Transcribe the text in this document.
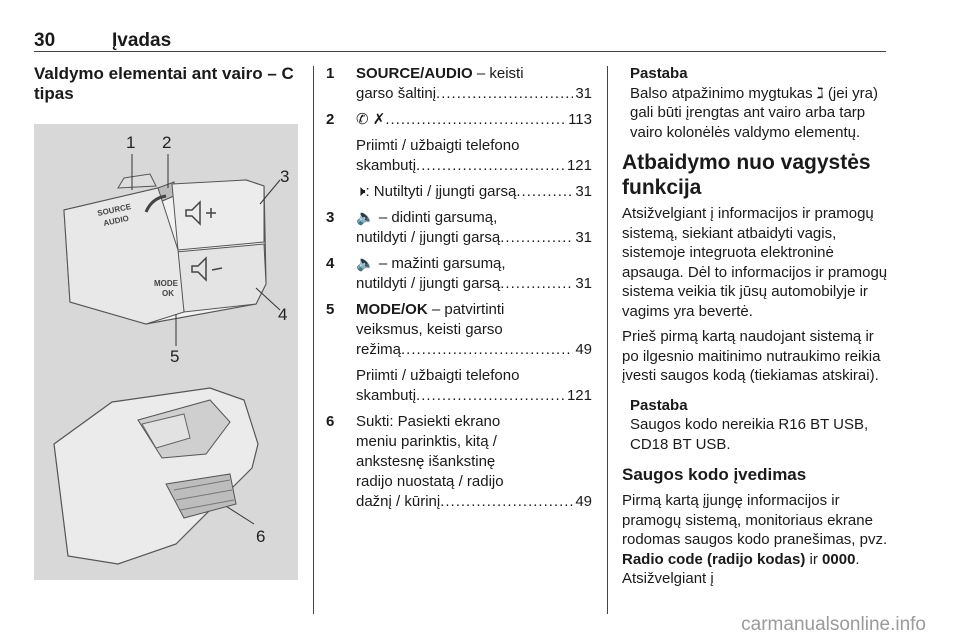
30	Įvadas
Valdymo elementai ant vairo – C tipas
SOURCE
AUDIO
MODE
OK
1 2
3
4
5
6
1 SOURCE/AUDIO – keisti
garso šaltinį .....	31
2 ✆ ✗ .....	113
Priimti / užbaigti telefono
skambutį .....	121
🕨: Nutiltyti / įjungti garsą .....	31
3 🔈 – didinti garsumą,
nutildyti / įjungti garsą .....	31
4 🔈 – mažinti garsumą,
nutildyti / įjungti garsą .....	31
5 MODE/OK – patvirtinti
veiksmus, keisti garso
režimą .....	49
Priimti / užbaigti telefono
skambutį .....	121
6 Sukti: Pasiekti ekrano
meniu parinktis, kitą /
ankstesnę išankstinę
radijo nuostatą / radijo
dažnį / kūrinį .....	49
Pastaba
Balso atpažinimo mygtukas ℷ (jei yra) gali būti įrengtas ant vairo arba tarp vairo kolonėlės valdymo elementų.
Atbaidymo nuo vagystės funkcija

Atsižvelgiant į informacijos ir pramogų sistemą, siekiant atbaidyti vagis, sistemoje integruota elektroninė apsauga. Dėl to informacijos ir pramogų sistema veikia tik jūsų automobilyje ir vagims yra bevertė.

Prieš pirmą kartą naudojant sistemą ir po ilgesnio maitinimo nutraukimo reikia įvesti saugos kodą (tiekiamas atskirai).

Pastaba
Saugos kodo nereikia R16 BT USB, CD18 BT USB.
Saugos kodo įvedimas

Pirmą kartą įjungę informacijos ir pramogų sistemą, monitoriaus ekrane rodomas saugos kodo pranešimas, pvz. Radio code (radijo kodas) ir 0000. Atsižvelgiant į

carmanualsonline.info
